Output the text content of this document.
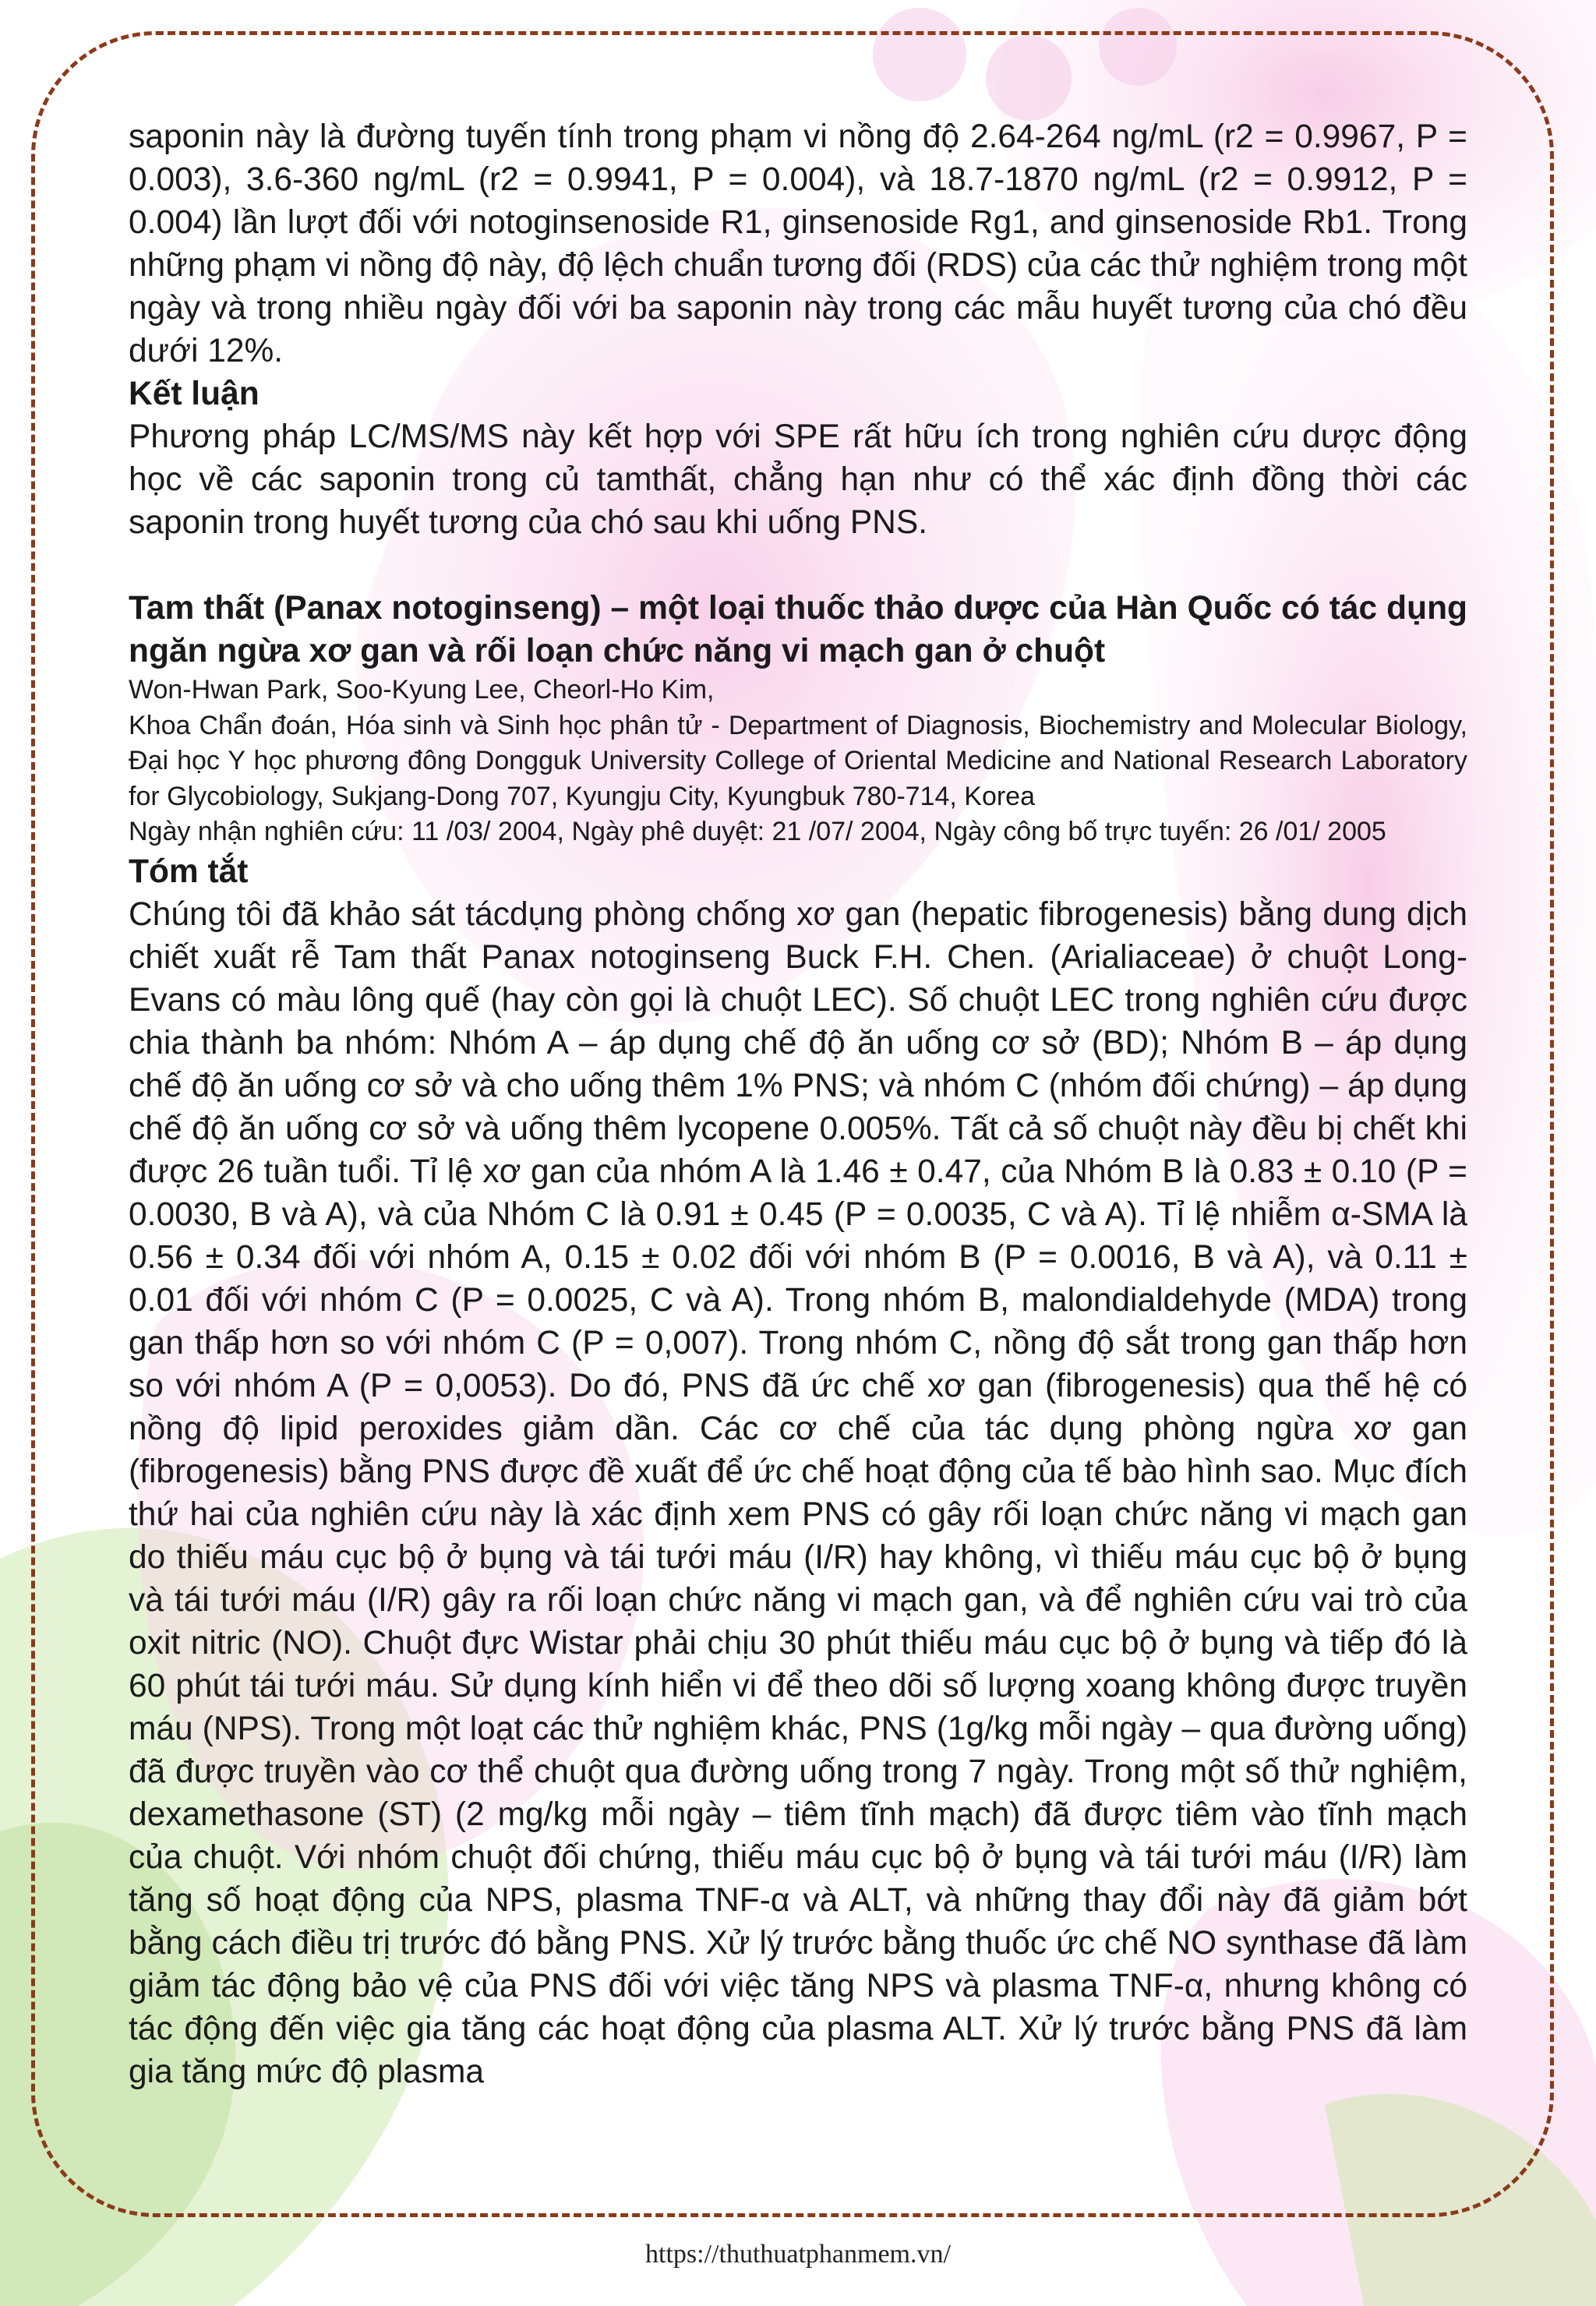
saponin này là đường tuyến tính trong phạm vi nồng độ 2.64-264 ng/mL (r2 = 0.9967, P = 0.003), 3.6-360 ng/mL (r2 = 0.9941, P = 0.004), và 18.7-1870 ng/mL (r2 = 0.9912, P = 0.004) lần lượt đối với notoginsenoside R1, ginsenoside Rg1, and ginsenoside Rb1. Trong những phạm vi nồng độ này, độ lệch chuẩn tương đối (RDS) của các thử nghiệm trong một ngày và trong nhiều ngày đối với ba saponin này trong các mẫu huyết tương của chó đều dưới 12%.

Kết luận

Phương pháp LC/MS/MS này kết hợp với SPE rất hữu ích trong nghiên cứu dược động học về các saponin trong củ tamthất, chẳng hạn như có thể xác định đồng thời các saponin trong huyết tương của chó sau khi uống PNS.

Tam thất (Panax notoginseng) – một loại thuốc thảo dược của Hàn Quốc có tác dụng ngăn ngừa xơ gan và rối loạn chức năng vi mạch gan ở chuột

Won-Hwan Park, Soo-Kyung Lee, Cheorl-Ho Kim,

Khoa Chẩn đoán, Hóa sinh và Sinh học phân tử - Department of Diagnosis, Biochemistry and Molecular Biology, Đại học Y học phương đông Dongguk University College of Oriental Medicine and National Research Laboratory for Glycobiology, Sukjang-Dong 707, Kyungju City, Kyungbuk 780-714, Korea

Ngày nhận nghiên cứu: 11 /03/ 2004, Ngày phê duyệt: 21 /07/ 2004, Ngày công bố trực tuyến: 26 /01/ 2005

Tóm tắt

Chúng tôi đã khảo sát tácdụng phòng chống xơ gan (hepatic fibrogenesis) bằng dung dịch chiết xuất rễ Tam thất Panax notoginseng Buck F.H. Chen. (Arialiaceae) ở chuột Long-Evans có màu lông quế (hay còn gọi là chuột LEC). Số chuột LEC trong nghiên cứu được chia thành ba nhóm: Nhóm A – áp dụng chế độ ăn uống cơ sở (BD); Nhóm B – áp dụng chế độ ăn uống cơ sở và cho uống thêm 1% PNS; và nhóm C (nhóm đối chứng) – áp dụng chế độ ăn uống cơ sở và uống thêm lycopene 0.005%. Tất cả số chuột này đều bị chết khi được 26 tuần tuổi. Tỉ lệ xơ gan của nhóm A là 1.46 ± 0.47, của Nhóm B là 0.83 ± 0.10 (P = 0.0030, B và A), và của Nhóm C là 0.91 ± 0.45 (P = 0.0035, C và A). Tỉ lệ nhiễm α-SMA là 0.56 ± 0.34 đối với nhóm A, 0.15 ± 0.02 đối với nhóm B (P = 0.0016, B và A), và 0.11 ± 0.01 đối với nhóm C (P = 0.0025, C và A). Trong nhóm B, malondialdehyde (MDA) trong gan thấp hơn so với nhóm C (P = 0,007). Trong nhóm C, nồng độ sắt trong gan thấp hơn so với nhóm A (P = 0,0053). Do đó, PNS đã ức chế xơ gan (fibrogenesis) qua thế hệ có nồng độ lipid peroxides giảm dần. Các cơ chế của tác dụng phòng ngừa xơ gan (fibrogenesis) bằng PNS được đề xuất để ức chế hoạt động của tế bào hình sao. Mục đích thứ hai của nghiên cứu này là xác định xem PNS có gây rối loạn chức năng vi mạch gan do thiếu máu cục bộ ở bụng và tái tưới máu (I/R) hay không, vì thiếu máu cục bộ ở bụng và tái tưới máu (I/R) gây ra rối loạn chức năng vi mạch gan, và để nghiên cứu vai trò của oxit nitric (NO). Chuột đực Wistar phải chịu 30 phút thiếu máu cục bộ ở bụng và tiếp đó là 60 phút tái tưới máu. Sử dụng kính hiển vi để theo dõi số lượng xoang không được truyền máu (NPS). Trong một loạt các thử nghiệm khác, PNS (1g/kg mỗi ngày – qua đường uống) đã được truyền vào cơ thể chuột qua đường uống trong 7 ngày. Trong một số thử nghiệm, dexamethasone (ST) (2 mg/kg mỗi ngày – tiêm tĩnh mạch) đã được tiêm vào tĩnh mạch của chuột. Với nhóm chuột đối chứng, thiếu máu cục bộ ở bụng và tái tưới máu (I/R) làm tăng số hoạt động của NPS, plasma TNF-α và ALT, và những thay đổi này đã giảm bớt bằng cách điều trị trước đó bằng PNS. Xử lý trước bằng thuốc ức chế NO synthase đã làm giảm tác động bảo vệ của PNS đối với việc tăng NPS và plasma TNF-α, nhưng không có tác động đến việc gia tăng các hoạt động của plasma ALT. Xử lý trước bằng PNS đã làm gia tăng mức độ plasma

https://thuthuatphanmem.vn/
